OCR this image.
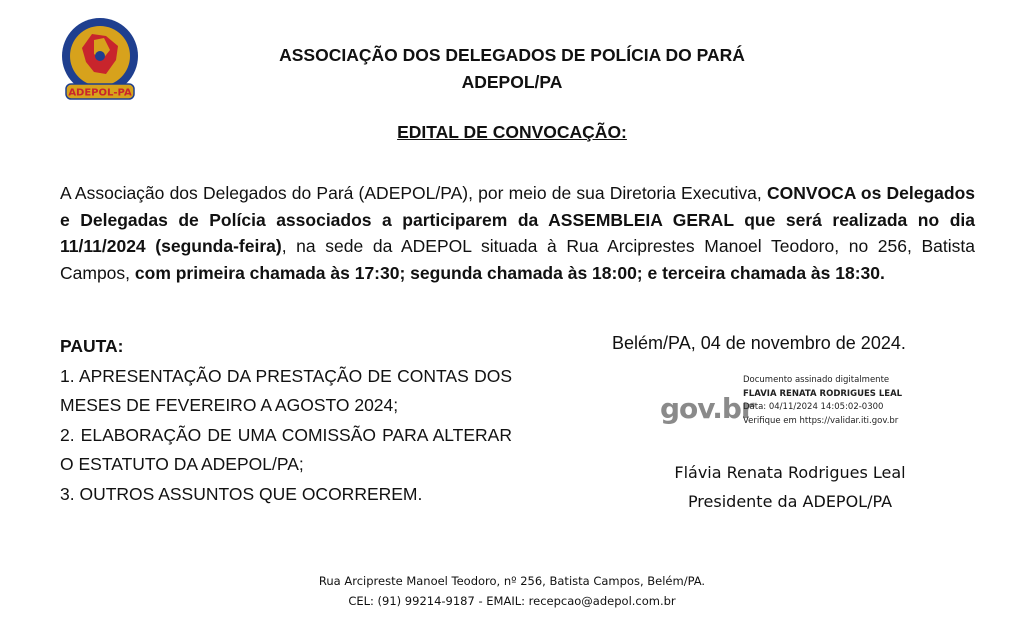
ADEPOL-PA
ASSOCIAÇÃO DOS DELEGADOS DE POLÍCIA DO PARÁ
ADEPOL/PA
EDITAL DE CONVOCAÇÃO:
A Associação dos Delegados do Pará (ADEPOL/PA), por meio de sua Diretoria Executiva, CONVOCA os Delegados e Delegadas de Polícia associados a participarem da ASSEMBLEIA GERAL que será realizada no dia 11/11/2024 (segunda-feira), na sede da ADEPOL situada à Rua Arciprestes Manoel Teodoro, no 256, Batista Campos, com primeira chamada às 17:30; segunda chamada às 18:00; e terceira chamada às 18:30.
PAUTA:
1. APRESENTAÇÃO DA PRESTAÇÃO DE CONTAS DOS MESES DE FEVEREIRO A AGOSTO 2024;
2. ELABORAÇÃO DE UMA COMISSÃO PARA ALTERAR O ESTATUTO DA ADEPOL/PA;
3. OUTROS ASSUNTOS QUE OCORREREM.
Belém/PA, 04 de novembro de 2024.
gov.br
Documento assinado digitalmente
FLAVIA RENATA RODRIGUES LEAL
Data: 04/11/2024 14:05:02-0300
Verifique em https://validar.iti.gov.br
Flávia Renata Rodrigues Leal
Presidente da ADEPOL/PA
Rua Arcipreste Manoel Teodoro, nº 256, Batista Campos, Belém/PA.
CEL: (91) 99214-9187 - EMAIL: recepcao@adepol.com.br
